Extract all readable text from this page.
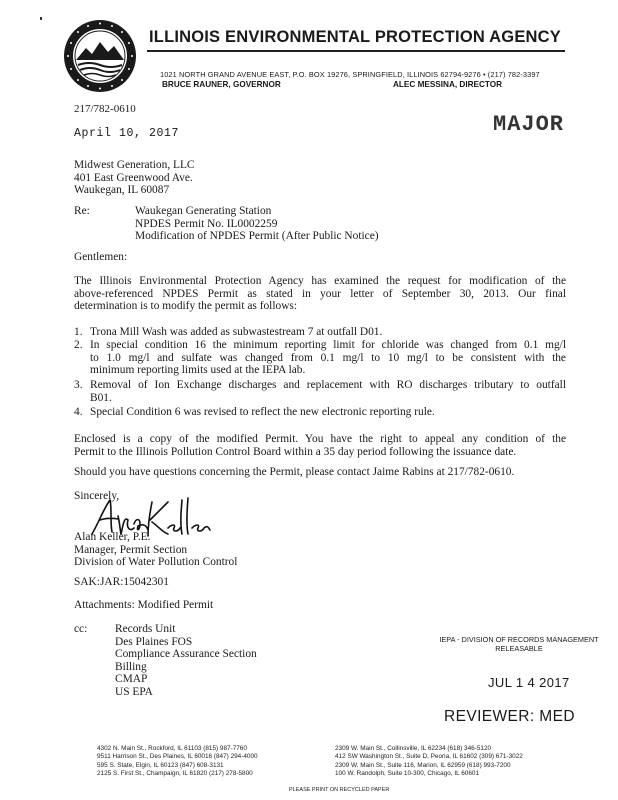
ILLINOIS ENVIRONMENTAL PROTECTION AGENCY
1021 NORTH GRAND AVENUE EAST, P.O. BOX 19276, SPRINGFIELD, ILLINOIS 62794-9276 • (217) 782-3397
BRUCE RAUNER, GOVERNOR	ALEC MESSINA, DIRECTOR
217/782-0610
April 10, 2017	MAJOR
Midwest Generation, LLC
401 East Greenwood Ave.
Waukegan, IL 60087
Re:	Waukegan Generating Station
NPDES Permit No. IL0002259
Modification of NPDES Permit (After Public Notice)
Gentlemen:
The Illinois Environmental Protection Agency has examined the request for modification of the
above-referenced NPDES Permit as stated in your letter of September 30, 2013. Our final
determination is to modify the permit as follows:
1. Trona Mill Wash was added as subwastestream 7 at outfall D01.
2. In special condition 16 the minimum reporting limit for chloride was changed from 0.1 mg/l
to 1.0 mg/l and sulfate was changed from 0.1 mg/l to 10 mg/l to be consistent with the
minimum reporting limits used at the IEPA lab.
3. Removal of Ion Exchange discharges and replacement with RO discharges tributary to outfall
B01.
4. Special Condition 6 was revised to reflect the new electronic reporting rule.
Enclosed is a copy of the modified Permit. You have the right to appeal any condition of the
Permit to the Illinois Pollution Control Board within a 35 day period following the issuance date.
Should you have questions concerning the Permit, please contact Jaime Rabins at 217/782-0610.
Sincerely,
Alan Keller, P.E.
Manager, Permit Section
Division of Water Pollution Control
SAK:JAR:15042301
Attachments: Modified Permit
cc: Records Unit
Des Plaines FOS
Compliance Assurance Section
Billing
CMAP
US EPA
IEPA - DIVISION OF RECORDS MANAGEMENT
RELEASABLE
JUL 1 4 2017
REVIEWER: MED
4302 N. Main St., Rockford, IL 61103 (815) 987-7760
9511 Harrison St., Des Plaines, IL 60016 (847) 294-4000
595 S. State, Elgin, IL 60123 (847) 608-3131
2125 S. First St., Champaign, IL 61820 (217) 278-5800
2309 W. Main St., Collinsville, IL 62234 (618) 346-5120
412 SW Washington St., Suite D, Peoria, IL 61602 (309) 671-3022
2309 W. Main St., Suite 116, Marion, IL 62959 (618) 993-7200
100 W. Randolph, Suite 10-300, Chicago, IL 60601
PLEASE PRINT ON RECYCLED PAPER
